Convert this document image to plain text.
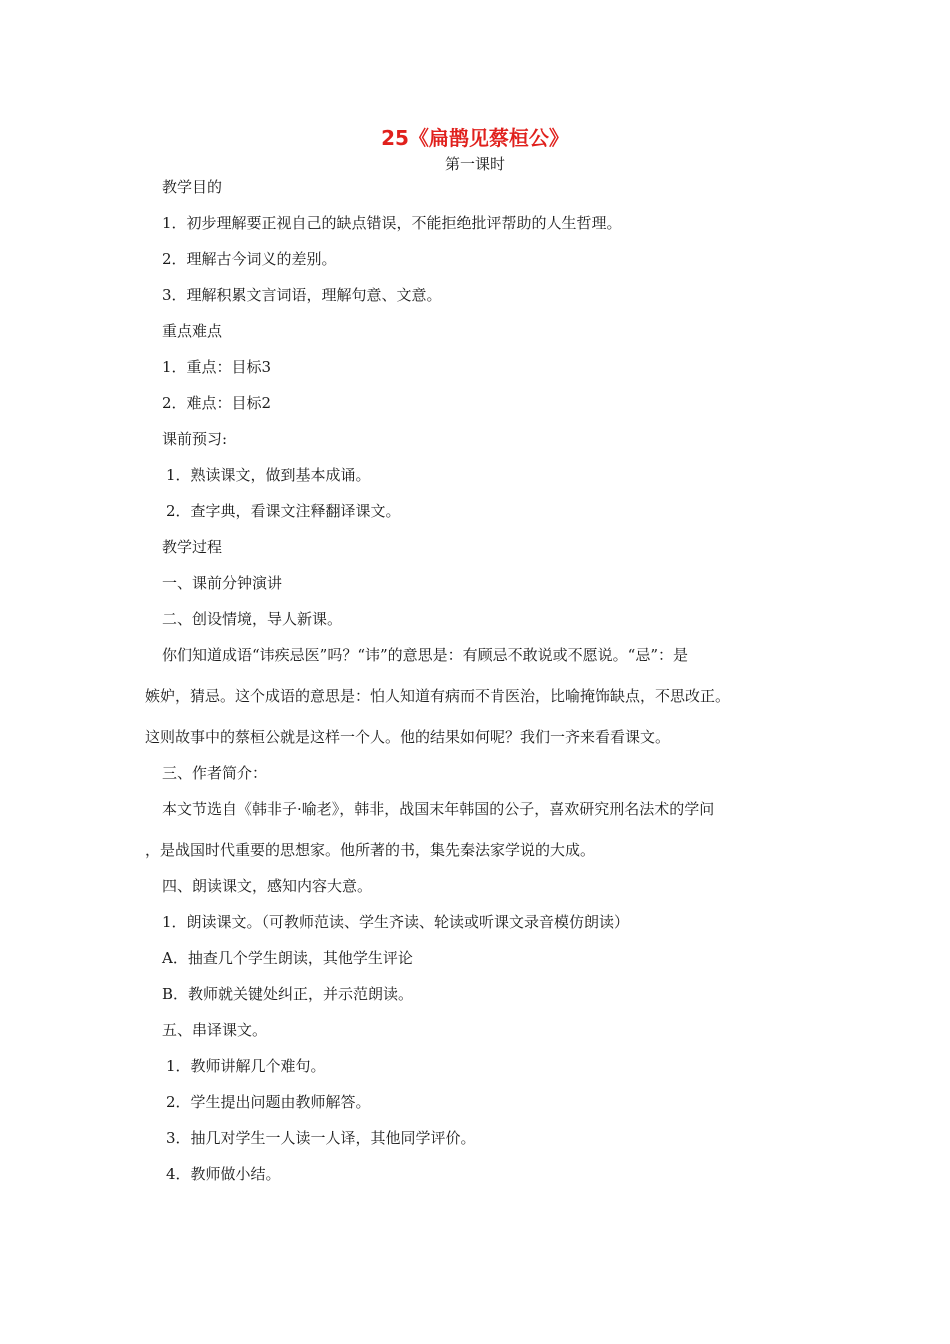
25《扁鹊见蔡桓公》
第一课时
教学目的
1．初步理解要正视自己的缺点错误，不能拒绝批评帮助的人生哲理。
2．理解古今词义的差别。
3．理解积累文言词语，理解句意、文意。
重点难点
1．重点：目标3
2．难点：目标2
课前预习:
1．熟读课文，做到基本成诵。
2．查字典，看课文注释翻译课文。
教学过程
一、课前分钟演讲
二、创设情境，导人新课。
你们知道成语“讳疾忌医”吗？“讳”的意思是：有顾忌不敢说或不愿说。“忌”：是
嫉妒，猜忌。这个成语的意思是：怕人知道有病而不肯医治，比喻掩饰缺点，不思改正。
这则故事中的蔡桓公就是这样一个人。他的结果如何呢？我们一齐来看看课文。
三、作者简介：
本文节选自《韩非子·喻老》，韩非，战国末年韩国的公子，喜欢研究刑名法术的学问
，是战国时代重要的思想家。他所著的书，集先秦法家学说的大成。
四、朗读课文，感知内容大意。
1．朗读课文。（可教师范读、学生齐读、轮读或听课文录音模仿朗读）
A．抽查几个学生朗读，其他学生评论
B．教师就关键处纠正，并示范朗读。
五、串译课文。
1．教师讲解几个难句。
2．学生提出问题由教师解答。
3．抽几对学生一人读一人译，其他同学评价。
4．教师做小结。
